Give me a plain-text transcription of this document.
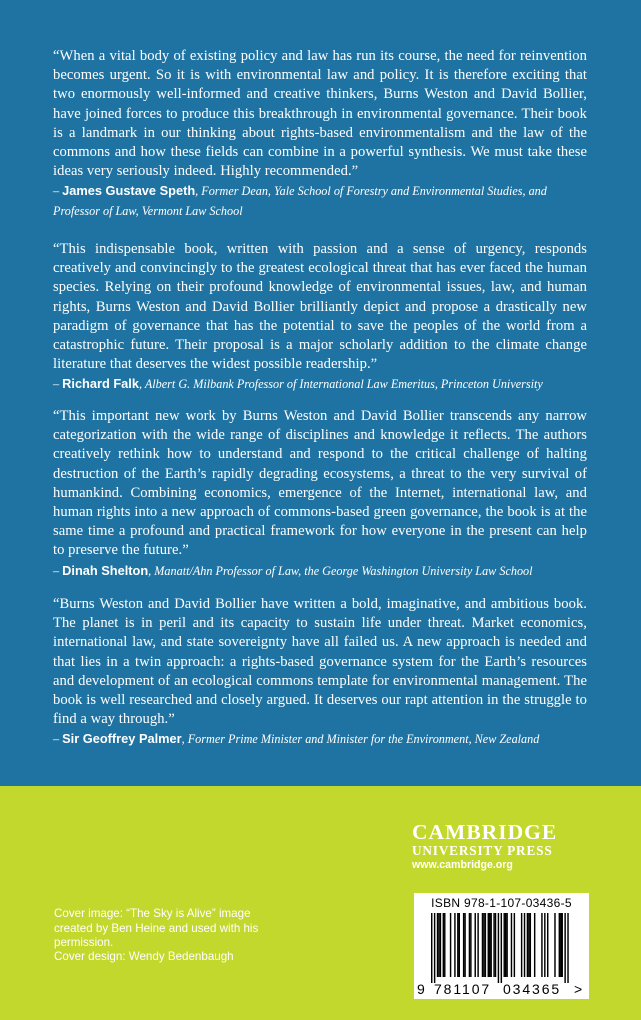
“When a vital body of existing policy and law has run its course, the need for reinvention becomes urgent. So it is with environmental law and policy. It is therefore exciting that two enormously well-informed and creative thinkers, Burns Weston and David Bollier, have joined forces to produce this breakthrough in environmental governance. Their book is a landmark in our thinking about rights-based environmentalism and the law of the commons and how these fields can combine in a powerful synthesis. We must take these ideas very seriously indeed. Highly recommended.”

– James Gustave Speth, Former Dean, Yale School of Forestry and Environmental Studies, and Professor of Law, Vermont Law School

“This indispensable book, written with passion and a sense of urgency, responds creatively and convincingly to the greatest ecological threat that has ever faced the human species. Relying on their profound knowledge of environmental issues, law, and human rights, Burns Weston and David Bollier brilliantly depict and propose a drastically new paradigm of governance that has the potential to save the peoples of the world from a catastrophic future. Their proposal is a major scholarly addition to the climate change literature that deserves the widest possible readership.”

– Richard Falk, Albert G. Milbank Professor of International Law Emeritus, Princeton University

“This important new work by Burns Weston and David Bollier transcends any narrow categorization with the wide range of disciplines and knowledge it reflects. The authors creatively rethink how to understand and respond to the critical challenge of halting destruction of the Earth’s rapidly degrading ecosystems, a threat to the very survival of humankind. Combining economics, emergence of the Internet, international law, and human rights into a new approach of commons-based green governance, the book is at the same time a profound and practical framework for how everyone in the present can help to preserve the future.”

– Dinah Shelton, Manatt/Ahn Professor of Law, the George Washington University Law School

“Burns Weston and David Bollier have written a bold, imaginative, and ambitious book. The planet is in peril and its capacity to sustain life under threat. Market economics, international law, and state sovereignty have all failed us. A new approach is needed and that lies in a twin approach: a rights-based governance system for the Earth’s resources and development of an ecological commons template for environmental management. The book is well researched and closely argued. It deserves our rapt attention in the struggle to find a way through.”

– Sir Geoffrey Palmer, Former Prime Minister and Minister for the Environment, New Zealand

Cover image: “The Sky is Alive” image created by Ben Heine and used with his permission.
Cover design: Wendy Bedenbaugh
CAMBRIDGE
UNIVERSITY PRESS
www.cambridge.org
ISBN 978-1-107-03436-5
9 781107 034365 >
